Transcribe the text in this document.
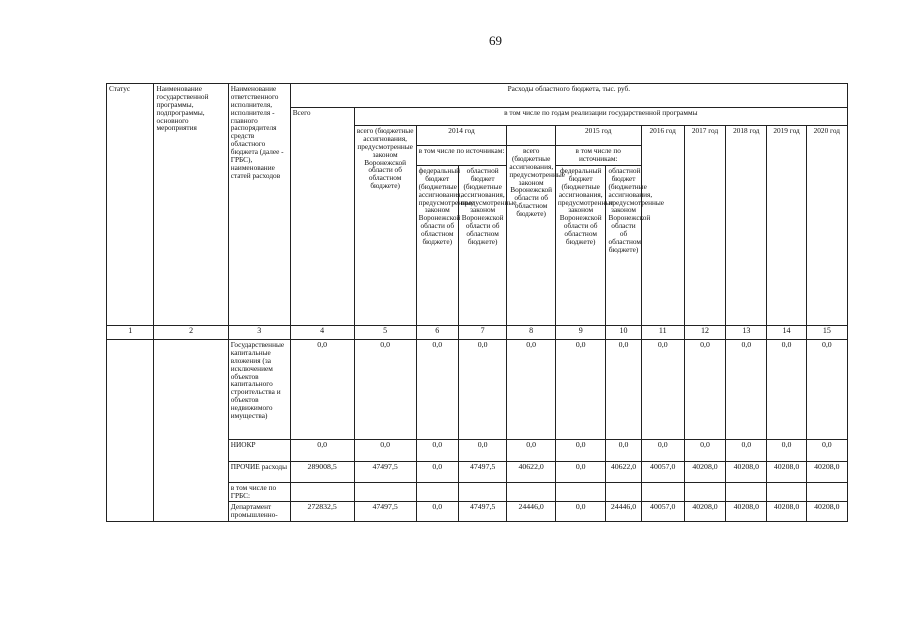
69
Статус	Наименование государственной программы, подпрограммы, основного мероприятия	Наименование ответственного исполнителя, исполнителя - главного распорядителя средств областного бюджета (далее - ГРБС), наименование статей расходов	Расходы областного бюджета, тыс. руб.											
			Всего	в том числе по годам реализации государственной программы										
				всего (бюджетные ассигнования, предусмотренные законом Воронежской области об областном бюджете)	2014 год			2015 год		2016 год	2017 год	2018 год	2019 год	2020 год
					в том числе по источникам:		всего (бюджетные ассигнования, предусмотренные законом Воронежской области об областном бюджете)	в том числе по источникам:						
					федеральный бюджет (бюджетные ассигнования, предусмотренные законом Воронежской области об областном бюджете)	областной бюджет (бюджетные ассигнования, предусмотренные законом Воронежской области об областном бюджете)		федеральный бюджет (бюджетные ассигнования, предусмотренные законом Воронежской области об областном бюджете)	областной бюджет (бюджетные ассигнования, предусмотренные законом Воронежской области об областном бюджете)					

1	2	3	4	5	6	7	8	9	10	11	12	13	14	15
		Государственные капитальные вложения (за исключением объектов капитального строительства и объектов недвижимого имущества)	0,0	0,0	0,0	0,0	0,0	0,0	0,0	0,0	0,0	0,0	0,0	0,0
		НИОКР	0,0	0,0	0,0	0,0	0,0	0,0	0,0	0,0	0,0	0,0	0,0	0,0
		ПРОЧИЕ расходы	289008,5	47497,5	0,0	47497,5	40622,0	0,0	40622,0	40057,0	40208,0	40208,0	40208,0	40208,0
		в том числе по ГРБС:												
		Департамент промышленно-	272832,5	47497,5	0,0	47497,5	24446,0	0,0	24446,0	40057,0	40208,0	40208,0	40208,0	40208,0
